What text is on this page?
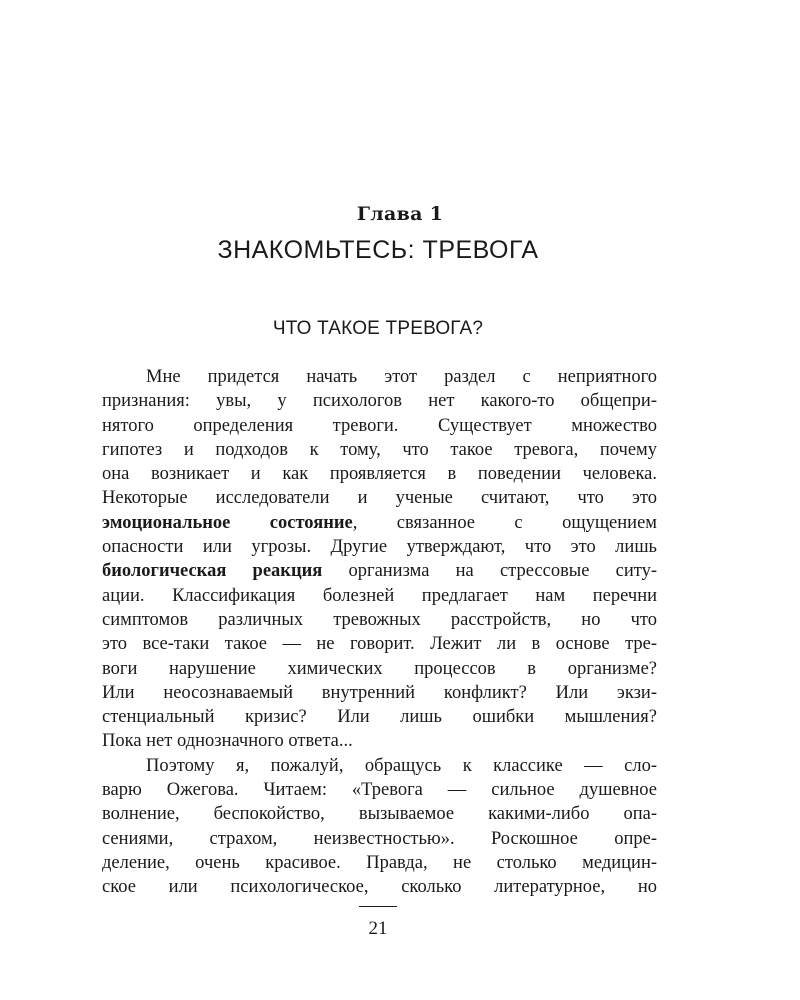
Глава 1
ЗНАКОМЬТЕСЬ: ТРЕВОГА
ЧТО ТАКОЕ ТРЕВОГА?
Мне придется начать этот раздел с неприятного
признания: увы, у психологов нет какого-то общепри-
нятого определения тревоги. Существует множество
гипотез и подходов к тому, что такое тревога, почему
она возникает и как проявляется в поведении человека.
Некоторые исследователи и ученые считают, что это
эмоциональное состояние, связанное с ощущением
опасности или угрозы. Другие утверждают, что это лишь
биологическая реакция организма на стрессовые ситу-
ации. Классификация болезней предлагает нам перечни
симптомов различных тревожных расстройств, но что
это все-таки такое — не говорит. Лежит ли в основе тре-
воги нарушение химических процессов в организме?
Или неосознаваемый внутренний конфликт? Или экзи-
стенциальный кризис? Или лишь ошибки мышления?
Пока нет однозначного ответа...
Поэтому я, пожалуй, обращусь к классике — сло-
варю Ожегова. Читаем: «Тревога — сильное душевное
волнение, беспокойство, вызываемое какими-либо опа-
сениями, страхом, неизвестностью». Роскошное опре-
деление, очень красивое. Правда, не столько медицин-
ское или психологическое, сколько литературное, но
21
